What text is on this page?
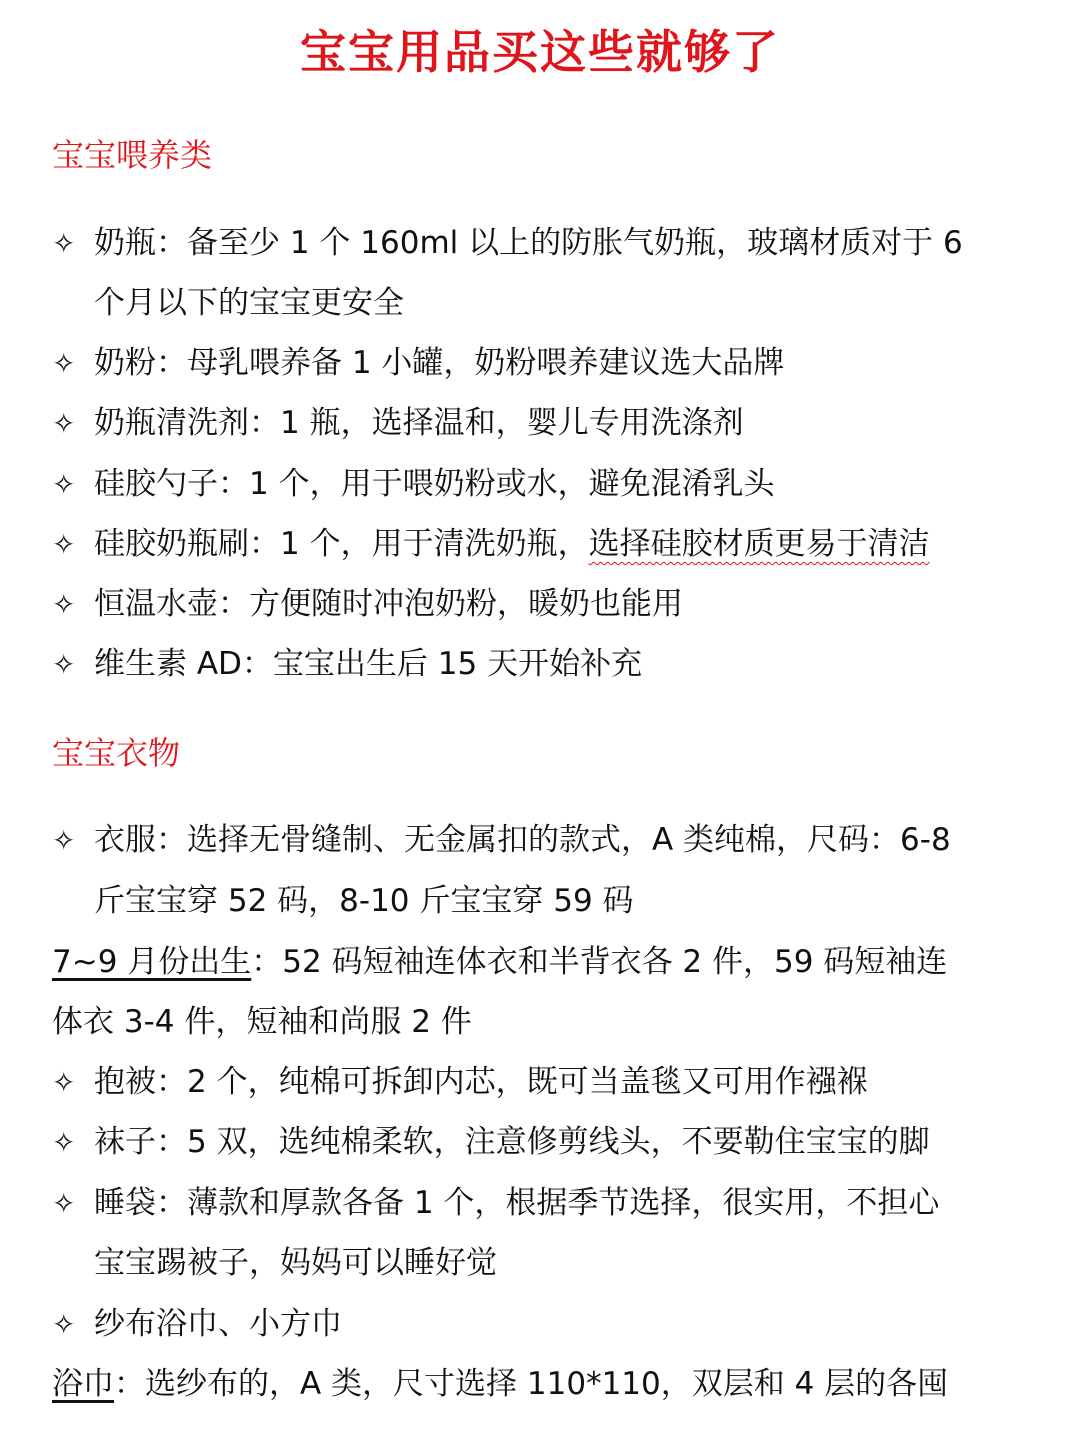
宝宝用品买这些就够了
宝宝喂养类
✧ 奶瓶：备至少 1 个 160ml 以上的防胀气奶瓶，玻璃材质对于 6
个月以下的宝宝更安全
✧ 奶粉：母乳喂养备 1 小罐，奶粉喂养建议选大品牌
✧ 奶瓶清洗剂：1 瓶，选择温和，婴儿专用洗涤剂
✧ 硅胶勺子：1 个，用于喂奶粉或水，避免混淆乳头
✧ 硅胶奶瓶刷：1 个，用于清洗奶瓶，选择硅胶材质更易于清洁
✧ 恒温水壶：方便随时冲泡奶粉，暖奶也能用
✧ 维生素 AD：宝宝出生后 15 天开始补充
宝宝衣物
✧ 衣服：选择无骨缝制、无金属扣的款式，A 类纯棉，尺码：6-8
斤宝宝穿 52 码，8-10 斤宝宝穿 59 码
7~9 月份出生：52 码短袖连体衣和半背衣各 2 件，59 码短袖连
体衣 3-4 件，短袖和尚服 2 件
✧ 抱被：2 个，纯棉可拆卸内芯，既可当盖毯又可用作襁褓
✧ 袜子：5 双，选纯棉柔软，注意修剪线头，不要勒住宝宝的脚
✧ 睡袋：薄款和厚款各备 1 个，根据季节选择，很实用，不担心
宝宝踢被子，妈妈可以睡好觉
✧ 纱布浴巾、小方巾
浴巾：选纱布的，A 类，尺寸选择 110*110，双层和 4 层的各囤
